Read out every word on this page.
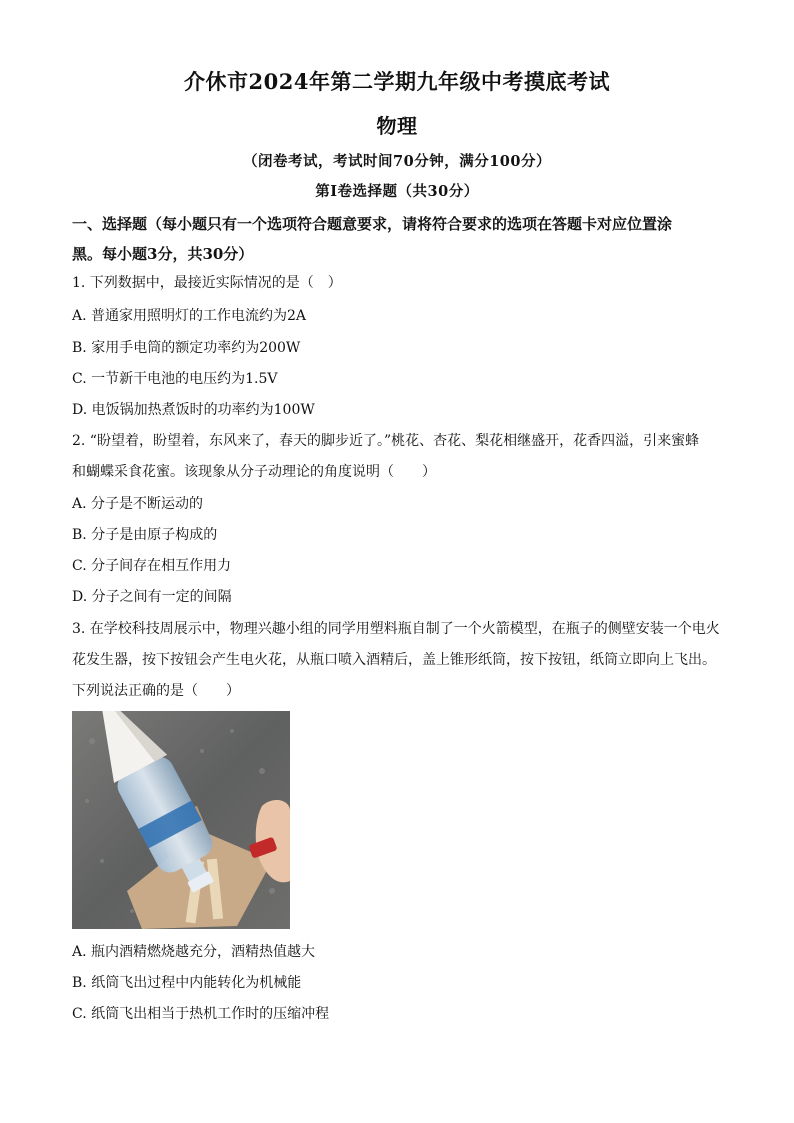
介休市2024年第二学期九年级中考摸底考试
物理
（闭卷考试，考试时间70分钟，满分100分）
第Ⅰ卷选择题（共30分）
一、选择题（每小题只有一个选项符合题意要求，请将符合要求的选项在答题卡对应位置涂
黑。每小题3分，共30分）
1. 下列数据中，最接近实际情况的是（　）
A. 普通家用照明灯的工作电流约为2A
B. 家用手电筒的额定功率约为200W
C. 一节新干电池的电压约为1.5V
D. 电饭锅加热煮饭时的功率约为100W
2. “盼望着，盼望着，东风来了，春天的脚步近了。”桃花、杏花、梨花相继盛开，花香四溢，引来蜜蜂
和蝴蝶采食花蜜。该现象从分子动理论的角度说明（　　）
A. 分子是不断运动的
B. 分子是由原子构成的
C. 分子间存在相互作用力
D. 分子之间有一定的间隔
3. 在学校科技周展示中，物理兴趣小组的同学用塑料瓶自制了一个火箭模型，在瓶子的侧壁安装一个电火
花发生器，按下按钮会产生电火花，从瓶口喷入酒精后，盖上锥形纸筒，按下按钮，纸筒立即向上飞出。
下列说法正确的是（　　）
A. 瓶内酒精燃烧越充分，酒精热值越大
B. 纸筒飞出过程中内能转化为机械能
C. 纸筒飞出相当于热机工作时的压缩冲程
